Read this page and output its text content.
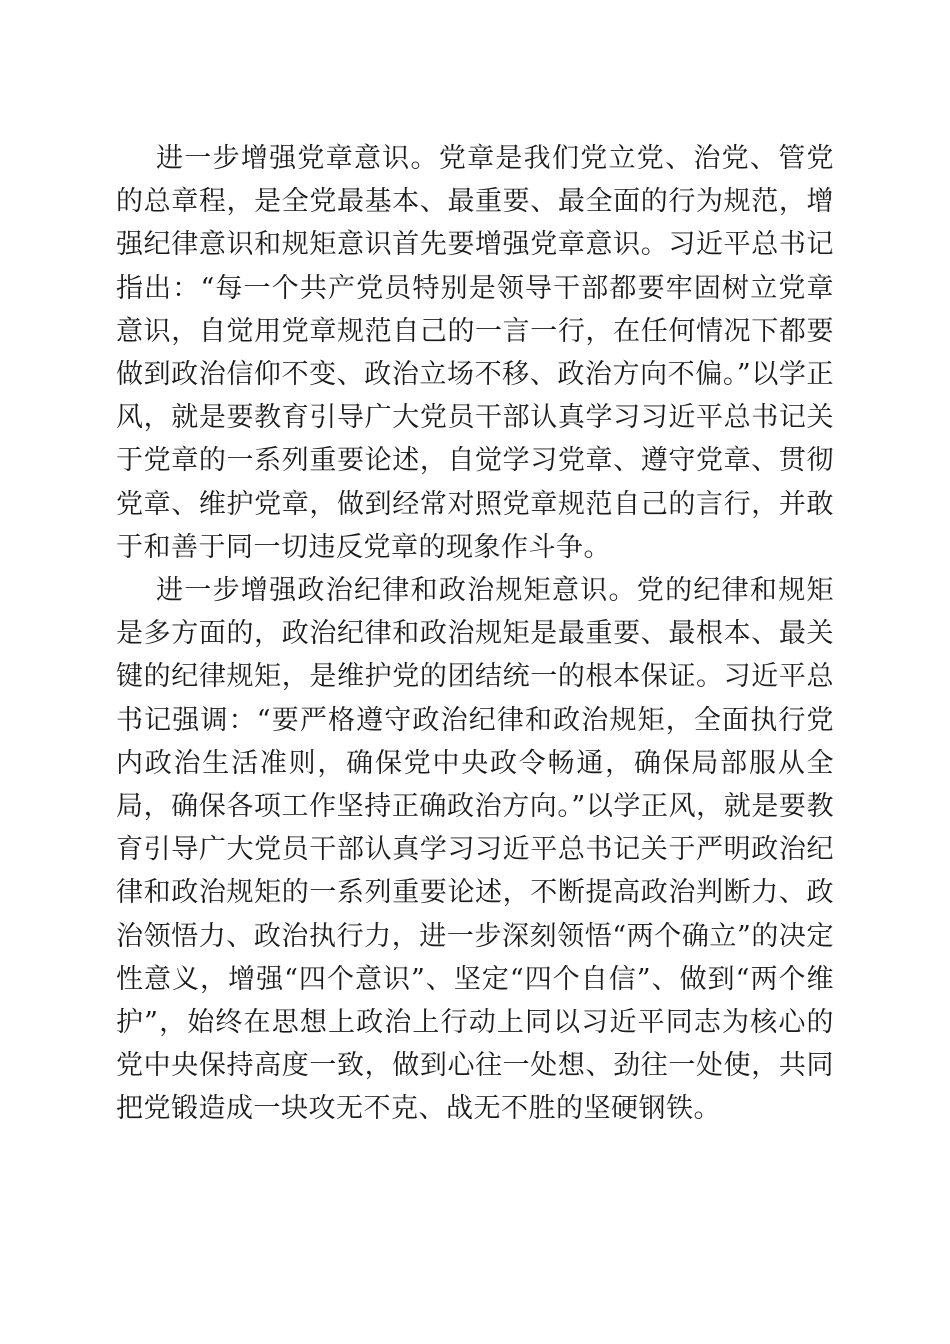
进一步增强党章意识。党章是我们党立党、治党、管党的总章程，是全党最基本、最重要、最全面的行为规范，增强纪律意识和规矩意识首先要增强党章意识。习近平总书记指出：“每一个共产党员特别是领导干部都要牢固树立党章意识，自觉用党章规范自己的一言一行，在任何情况下都要做到政治信仰不变、政治立场不移、政治方向不偏。”以学正风，就是要教育引导广大党员干部认真学习习近平总书记关于党章的一系列重要论述，自觉学习党章、遵守党章、贯彻党章、维护党章，做到经常对照党章规范自己的言行，并敢于和善于同一切违反党章的现象作斗争。

进一步增强政治纪律和政治规矩意识。党的纪律和规矩是多方面的，政治纪律和政治规矩是最重要、最根本、最关键的纪律规矩，是维护党的团结统一的根本保证。习近平总书记强调：“要严格遵守政治纪律和政治规矩，全面执行党内政治生活准则，确保党中央政令畅通，确保局部服从全局，确保各项工作坚持正确政治方向。”以学正风，就是要教育引导广大党员干部认真学习习近平总书记关于严明政治纪律和政治规矩的一系列重要论述，不断提高政治判断力、政治领悟力、政治执行力，进一步深刻领悟“两个确立”的决定性意义，增强“四个意识”、坚定“四个自信”、做到“两个维护”，始终在思想上政治上行动上同以习近平同志为核心的党中央保持高度一致，做到心往一处想、劲往一处使，共同把党锻造成一块攻无不克、战无不胜的坚硬钢铁。
